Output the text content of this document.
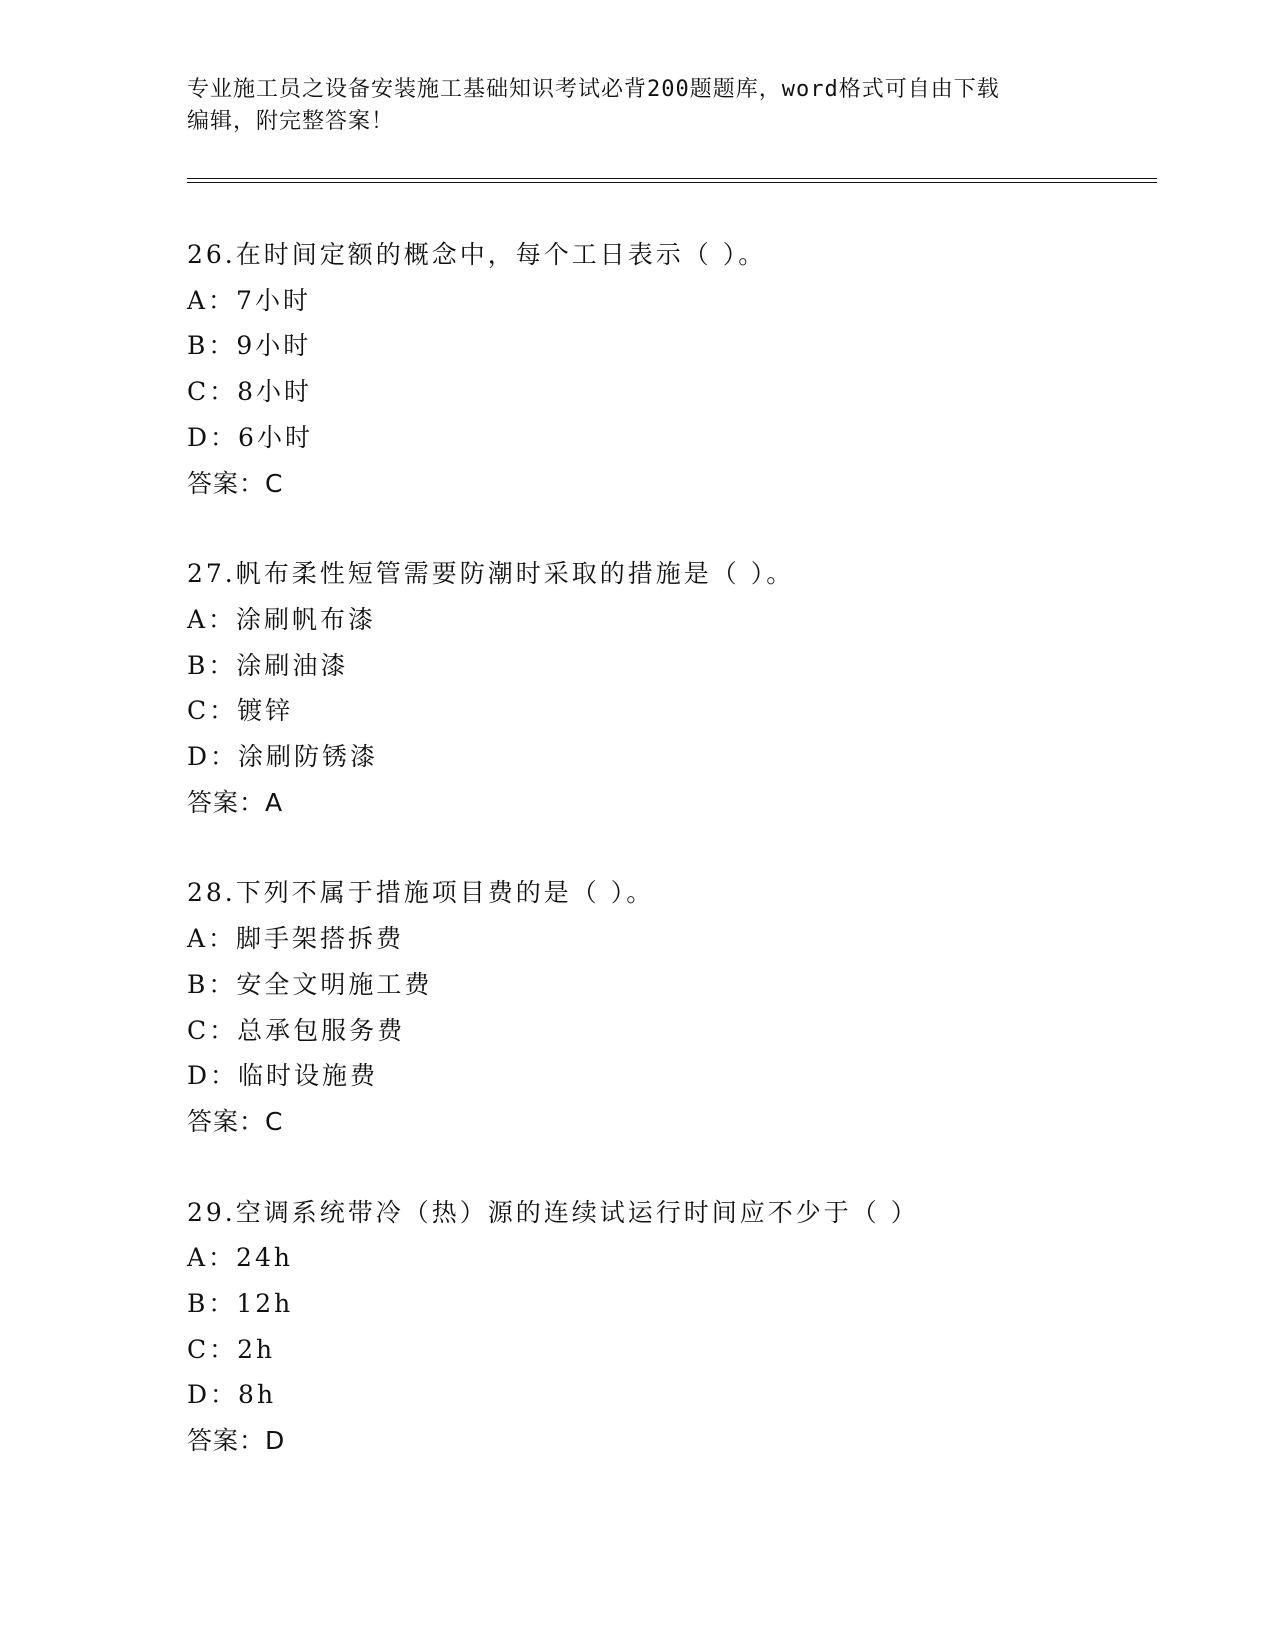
专业施工员之设备安装施工基础知识考试必背200题题库，word格式可自由下载
编辑，附完整答案！
26.在时间定额的概念中，每个工日表示（ ）。
A：7小时
B：9小时
C：8小时
D：6小时
答案：C
27.帆布柔性短管需要防潮时采取的措施是（ ）。
A：涂刷帆布漆
B：涂刷油漆
C：镀锌
D：涂刷防锈漆
答案：A
28.下列不属于措施项目费的是（ ）。
A：脚手架搭拆费
B：安全文明施工费
C：总承包服务费
D：临时设施费
答案：C
29.空调系统带冷（热）源的连续试运行时间应不少于（ ）
A：24h
B：12h
C：2h
D：8h
答案：D
